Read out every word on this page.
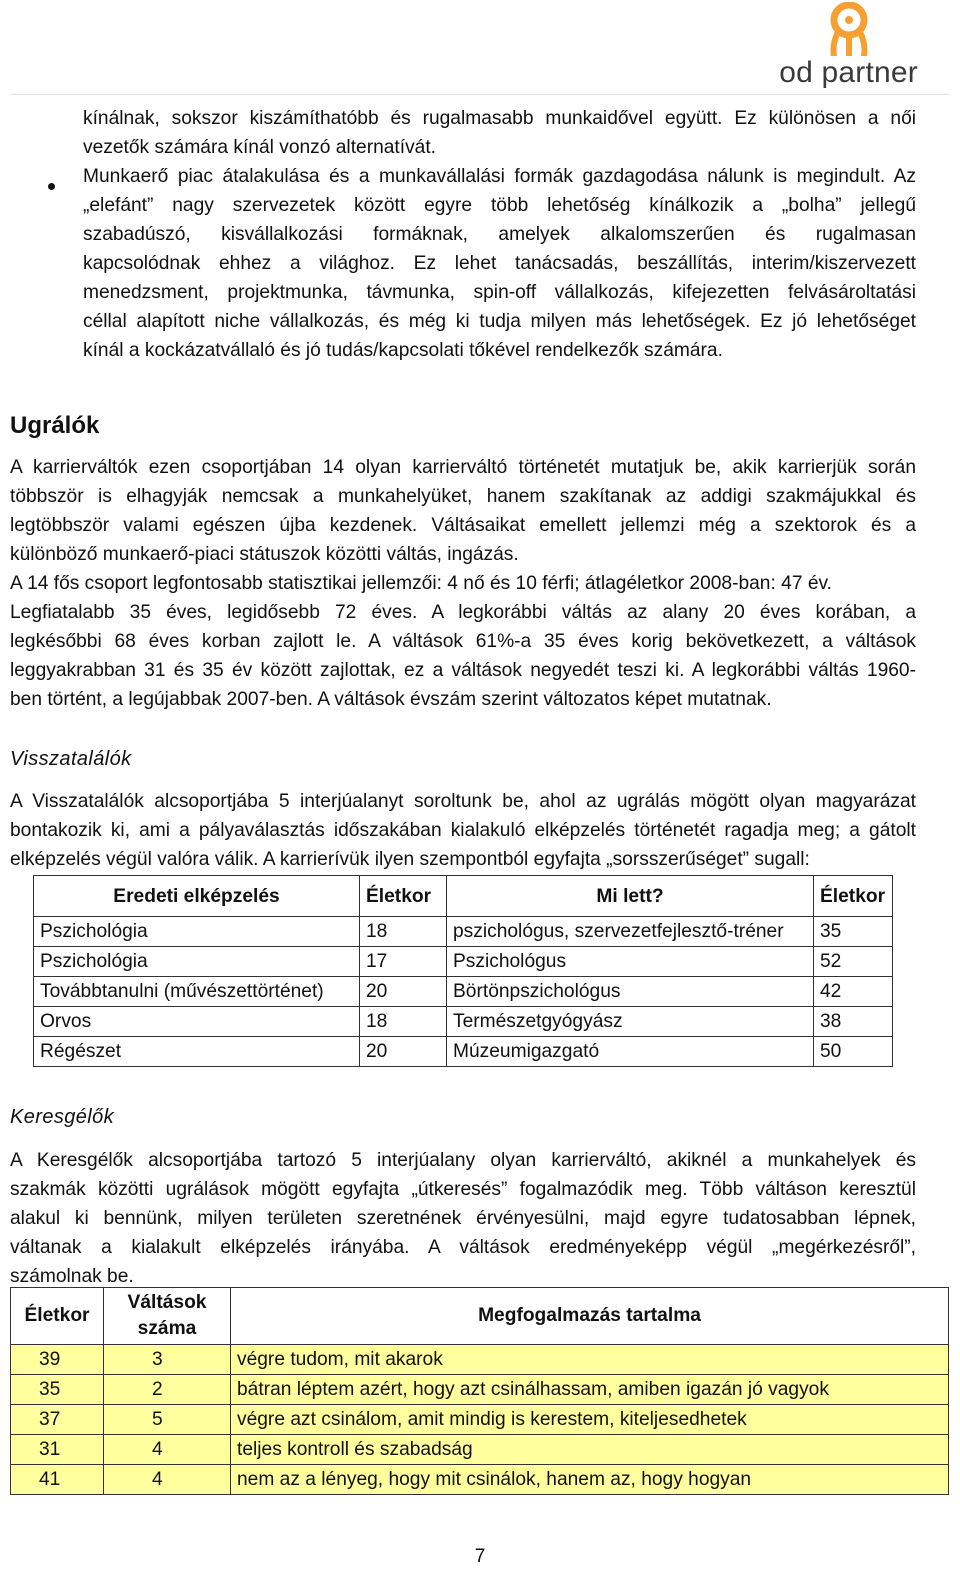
od partner
kínálnak, sokszor kiszámíthatóbb és rugalmasabb munkaidővel együtt. Ez különösen a női
vezetők számára kínál vonzó alternatívát.
Munkaerő piac átalakulása és a munkavállalási formák gazdagodása nálunk is megindult. Az
„elefánt” nagy szervezetek között egyre több lehetőség kínálkozik a „bolha” jellegű
szabadúszó, kisvállalkozási formáknak, amelyek alkalomszerűen és rugalmasan
kapcsolódnak ehhez a világhoz. Ez lehet tanácsadás, beszállítás, interim/kiszervezett
menedzsment, projektmunka, távmunka, spin-off vállalkozás, kifejezetten felvásároltatási
céllal alapított niche vállalkozás, és még ki tudja milyen más lehetőségek. Ez jó lehetőséget
kínál a kockázatvállaló és jó tudás/kapcsolati tőkével rendelkezők számára.
Ugrálók
A karrierváltók ezen csoportjában 14 olyan karrierváltó történetét mutatjuk be, akik karrierjük során
többször is elhagyják nemcsak a munkahelyüket, hanem szakítanak az addigi szakmájukkal és
legtöbbször valami egészen újba kezdenek. Váltásaikat emellett jellemzi még a szektorok és a
különböző munkaerő-piaci státuszok közötti váltás, ingázás.
A 14 fős csoport legfontosabb statisztikai jellemzői: 4 nő és 10 férfi; átlagéletkor 2008-ban: 47 év.
Legfiatalabb 35 éves, legidősebb 72 éves. A legkorábbi váltás az alany 20 éves korában, a
legkésőbbi 68 éves korban zajlott le. A váltások 61%-a 35 éves korig bekövetkezett, a váltások
leggyakrabban 31 és 35 év között zajlottak, ez a váltások negyedét teszi ki. A legkorábbi váltás 1960-
ben történt, a legújabbak 2007-ben. A váltások évszám szerint változatos képet mutatnak.
Visszatalálók
A Visszatalálók alcsoportjába 5 interjúalanyt soroltunk be, ahol az ugrálás mögött olyan magyarázat
bontakozik ki, ami a pályaválasztás időszakában kialakuló elképzelés történetét ragadja meg; a gátolt
elképzelés végül valóra válik. A karrierívük ilyen szempontból egyfajta „sorsszerűséget” sugall:
Eredeti elképzelés	Életkor	Mi lett?	Életkor
Pszichológia	18	pszichológus, szervezetfejlesztő-tréner	35
Pszichológia	17	Pszichológus	52
Továbbtanulni (művészettörténet)	20	Börtönpszichológus	42
Orvos	18	Természetgyógyász	38
Régészet	20	Múzeumigazgató	50
Keresgélők
A Keresgélők alcsoportjába tartozó 5 interjúalany olyan karrierváltó, akiknél a munkahelyek és
szakmák közötti ugrálások mögött egyfajta „útkeresés” fogalmazódik meg. Több váltáson keresztül
alakul ki bennünk, milyen területen szeretnének érvényesülni, majd egyre tudatosabban lépnek,
váltanak a kialakult elképzelés irányába. A váltások eredményeképp végül „megérkezésről”,
számolnak be.
Életkor	Váltások száma	Megfogalmazás tartalma
39	3	végre tudom, mit akarok
35	2	bátran léptem azért, hogy azt csinálhassam, amiben igazán jó vagyok
37	5	végre azt csinálom, amit mindig is kerestem, kiteljesedhetek
31	4	teljes kontroll és szabadság
41	4	nem az a lényeg, hogy mit csinálok, hanem az, hogy hogyan
7
